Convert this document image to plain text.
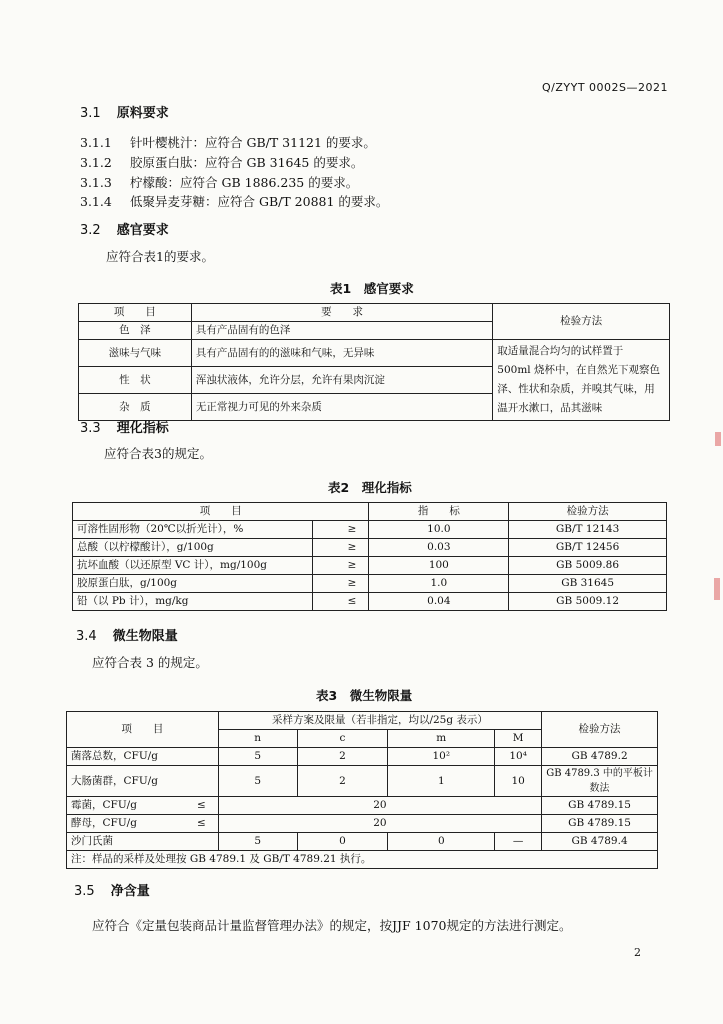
Q/ZYYT 0002S—2021
3.1 原料要求
3.1.1 针叶樱桃汁：应符合 GB/T 31121 的要求。
3.1.2 胶原蛋白肽：应符合 GB 31645 的要求。
3.1.3 柠檬酸：应符合 GB 1886.235 的要求。
3.1.4 低聚异麦芽糖：应符合 GB/T 20881 的要求。
3.2 感官要求
应符合表1的要求。
表1　感官要求
项　　目	要　　求	检验方法
色　泽	具有产品固有的色泽	
滋味与气味	具有产品固有的的滋味和气味，无异味	取适量混合均匀的试样置于
500ml 烧杯中，在自然光下观察色
泽、性状和杂质，并嗅其气味，用
温开水漱口，品其滋味

性　状	浑浊状液体，允许分层，允许有果肉沉淀	
杂　质	无正常视力可见的外来杂质	
3.3 理化指标
应符合表3的规定。
表2　理化指标
项　　目		指　　标	检验方法
可溶性固形物（20℃以折光计），%	≥	10.0	GB/T 12143
总酸（以柠檬酸计），g/100g	≥	0.03	GB/T 12456
抗坏血酸（以还原型 VC 计），mg/100g	≥	100	GB 5009.86
胶原蛋白肽，g/100g	≥	1.0	GB 31645
铅（以 Pb 计），mg/kg	≤	0.04	GB 5009.12
3.4 微生物限量
应符合表 3 的规定。
表3　微生物限量
项　　目		采样方案及限量（若非指定，均以/25g 表示）				检验方法
		n	c	m	M	
菌落总数，CFU/g		5	2	10²	10⁴	GB 4789.2
大肠菌群，CFU/g		5	2	1	10	GB 4789.3 中的平板计数法
霉菌，CFU/g	≤	20				GB 4789.15
酵母，CFU/g	≤	20				GB 4789.15
沙门氏菌		5	0	0	—	GB 4789.4
注：样品的采样及处理按 GB 4789.1 及 GB/T 4789.21 执行。						
3.5 净含量
应符合《定量包装商品计量监督管理办法》的规定，按JJF 1070规定的方法进行测定。
2
